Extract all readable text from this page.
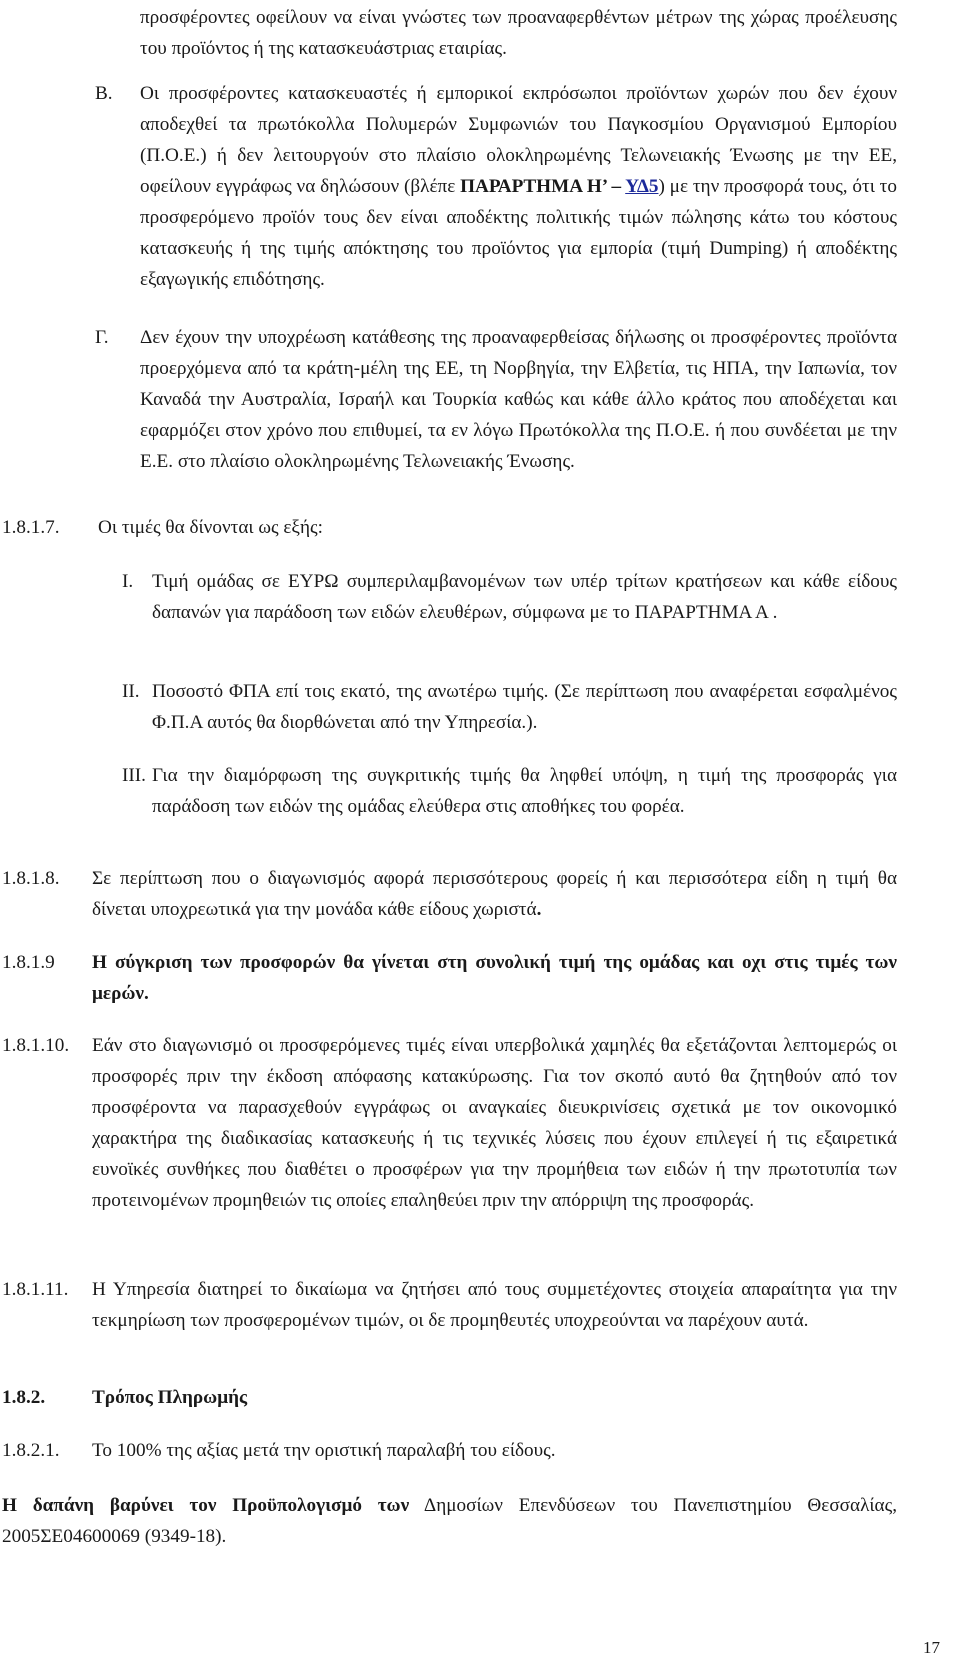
προσφέροντες οφείλουν να είναι γνώστες των προαναφερθέντων μέτρων της χώρας προέλευσης του προϊόντος ή της κατασκευάστριας εταιρίας.
Β. Οι προσφέροντες κατασκευαστές ή εμπορικοί εκπρόσωποι προϊόντων χωρών που δεν έχουν αποδεχθεί τα πρωτόκολλα Πολυμερών Συμφωνιών του Παγκοσμίου Οργανισμού Εμπορίου (Π.Ο.Ε.) ή δεν λειτουργούν στο πλαίσιο ολοκληρωμένης Τελωνειακής Ένωσης με την ΕΕ, οφείλουν εγγράφως να δηλώσουν (βλέπε ΠΑΡΑΡΤΗΜΑ Η’ – ΥΔ5) με την προσφορά τους, ότι το προσφερόμενο προϊόν τους δεν είναι αποδέκτης πολιτικής τιμών πώλησης κάτω του κόστους κατασκευής ή της τιμής απόκτησης του προϊόντος για εμπορία (τιμή Dumping) ή αποδέκτης εξαγωγικής επιδότησης.
Γ. Δεν έχουν την υποχρέωση κατάθεσης της προαναφερθείσας δήλωσης οι προσφέροντες προϊόντα προερχόμενα από τα κράτη-μέλη της ΕΕ, τη Νορβηγία, την Ελβετία, τις ΗΠΑ, την Ιαπωνία, τον Καναδά την Αυστραλία, Ισραήλ και Τουρκία καθώς και κάθε άλλο κράτος που αποδέχεται και εφαρμόζει στον χρόνο που επιθυμεί, τα εν λόγω Πρωτόκολλα της Π.Ο.Ε. ή που συνδέεται με την Ε.Ε. στο πλαίσιο ολοκληρωμένης Τελωνειακής Ένωσης.
1.8.1.7. Οι τιμές θα δίνονται ως εξής:
I. Τιμή ομάδας σε ΕΥΡΩ συμπεριλαμβανομένων των υπέρ τρίτων κρατήσεων και κάθε είδους δαπανών για παράδοση των ειδών ελευθέρων, σύμφωνα με το ΠΑΡΑΡΤΗΜΑ Α .
II. Ποσοστό ΦΠΑ επί τοις εκατό, της ανωτέρω τιμής. (Σε περίπτωση που αναφέρεται εσφαλμένος Φ.Π.Α αυτός θα διορθώνεται από την Υπηρεσία.).
III. Για την διαμόρφωση της συγκριτικής τιμής θα ληφθεί υπόψη, η τιμή της προσφοράς για παράδοση των ειδών της ομάδας ελεύθερα στις αποθήκες του φορέα.
1.8.1.8. Σε περίπτωση που ο διαγωνισμός αφορά περισσότερους φορείς ή και περισσότερα είδη η τιμή θα δίνεται υποχρεωτικά για την μονάδα κάθε είδους χωριστά.
1.8.1.9 Η σύγκριση των προσφορών θα γίνεται στη συνολική τιμή της ομάδας και οχι στις τιμές των μερών.
1.8.1.10. Εάν στο διαγωνισμό οι προσφερόμενες τιμές είναι υπερβολικά χαμηλές θα εξετάζονται λεπτομερώς οι προσφορές πριν την έκδοση απόφασης κατακύρωσης. Για τον σκοπό αυτό θα ζητηθούν από τον προσφέροντα να παρασχεθούν εγγράφως οι αναγκαίες διευκρινίσεις σχετικά με τον οικονομικό χαρακτήρα της διαδικασίας κατασκευής ή τις τεχνικές λύσεις που έχουν επιλεγεί ή τις εξαιρετικά ευνοϊκές συνθήκες που διαθέτει ο προσφέρων για την προμήθεια των ειδών ή την πρωτοτυπία των προτεινομένων προμηθειών τις οποίες επαληθεύει πριν την απόρριψη της προσφοράς.
1.8.1.11. Η Υπηρεσία διατηρεί το δικαίωμα να ζητήσει από τους συμμετέχοντες στοιχεία απαραίτητα για την τεκμηρίωση των προσφερομένων τιμών, οι δε προμηθευτές υποχρεούνται να παρέχουν αυτά.
1.8.2. Τρόπος Πληρωμής
1.8.2.1. Το 100% της αξίας μετά την οριστική παραλαβή του είδους.
Η δαπάνη βαρύνει τον Προϋπολογισμό των Δημοσίων Επενδύσεων του Πανεπιστημίου Θεσσαλίας, 2005ΣΕ04600069 (9349-18).
17
